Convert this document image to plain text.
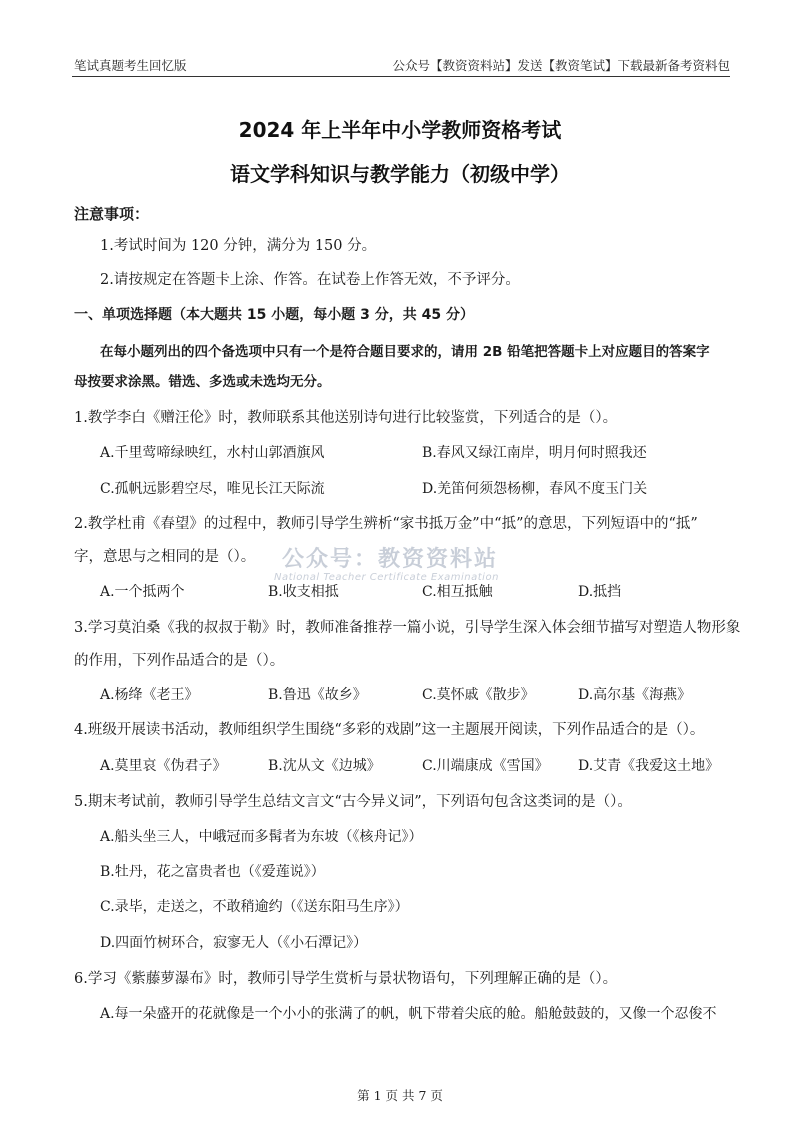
笔试真题考生回忆版	公众号【教资资料站】发送【教资笔试】下载最新备考资料包
2024 年上半年中小学教师资格考试
语文学科知识与教学能力（初级中学）
注意事项：
1.考试时间为 120 分钟，满分为 150 分。
2.请按规定在答题卡上涂、作答。在试卷上作答无效，不予评分。
一、单项选择题（本大题共 15 小题，每小题 3 分，共 45 分）
在每小题列出的四个备选项中只有一个是符合题目要求的，请用 2B 铅笔把答题卡上对应题目的答案字
母按要求涂黑。错选、多选或未选均无分。
1.教学李白《赠汪伦》时，教师联系其他送别诗句进行比较鉴赏，下列适合的是（）。
A.千里莺啼绿映红，水村山郭酒旗风	B.春风又绿江南岸，明月何时照我还
C.孤帆远影碧空尽，唯见长江天际流	D.羌笛何须怨杨柳，春风不度玉门关
2.教学杜甫《春望》的过程中，教师引导学生辨析“家书抵万金”中“抵”的意思，下列短语中的“抵”
字，意思与之相同的是（）。
A.一个抵两个	B.收支相抵	C.相互抵触	D.抵挡
公众号：教资资料站
National Teacher Certificate Examination
3.学习莫泊桑《我的叔叔于勒》时，教师准备推荐一篇小说，引导学生深入体会细节描写对塑造人物形象
的作用，下列作品适合的是（）。
A.杨绛《老王》	B.鲁迅《故乡》	C.莫怀戚《散步》	D.高尔基《海燕》
4.班级开展读书活动，教师组织学生围绕“多彩的戏剧”这一主题展开阅读，下列作品适合的是（）。
A.莫里哀《伪君子》	B.沈从文《边城》	C.川端康成《雪国》 D.艾青《我爱这土地》
5.期末考试前，教师引导学生总结文言文“古今异义词”，下列语句包含这类词的是（）。
A.船头坐三人，中峨冠而多髯者为东坡（《核舟记》）
B.牡丹，花之富贵者也（《爱莲说》）
C.录毕，走送之，不敢稍逾约（《送东阳马生序》）
D.四面竹树环合，寂寥无人（《小石潭记》）
6.学习《紫藤萝瀑布》时，教师引导学生赏析与景状物语句，下列理解正确的是（）。
A.每一朵盛开的花就像是一个小小的张满了的帆，帆下带着尖底的舱。船舱鼓鼓的，又像一个忍俊不
第 1 页 共 7 页
